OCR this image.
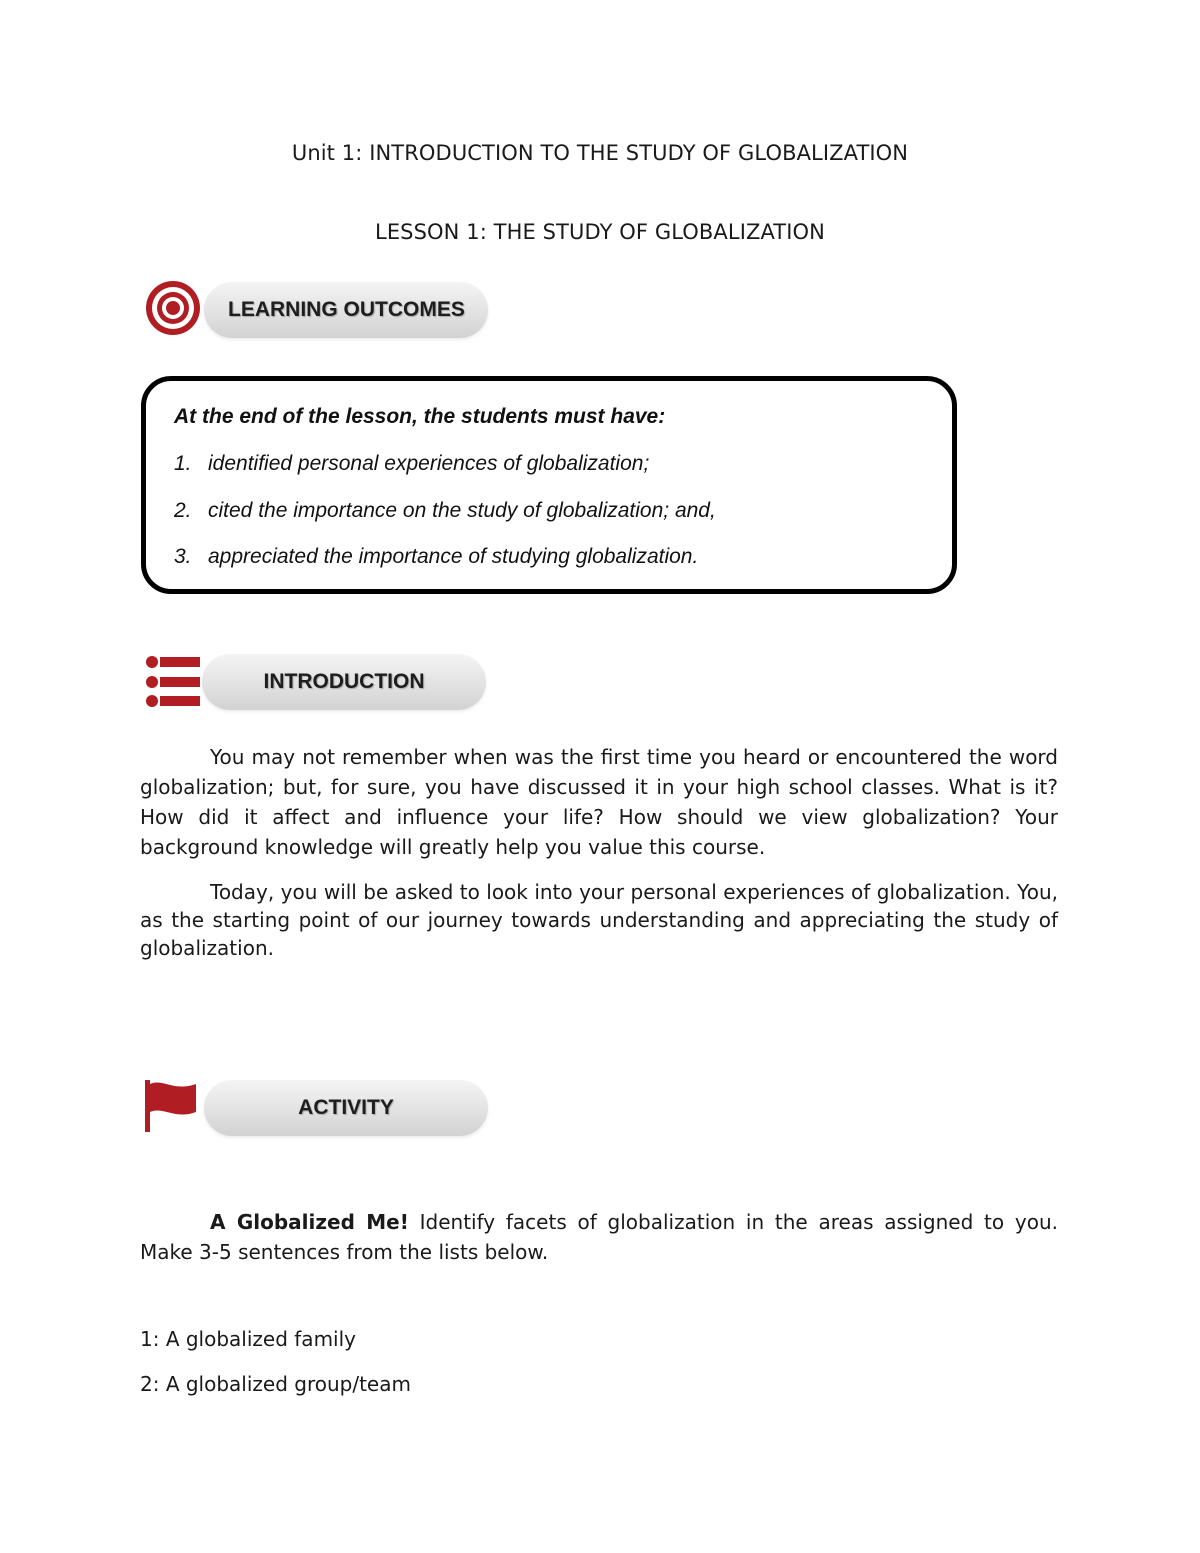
Unit 1: INTRODUCTION TO THE STUDY OF GLOBALIZATION
LESSON 1: THE STUDY OF GLOBALIZATION
LEARNING OUTCOMES
At the end of the lesson, the students must have:
1. identified personal experiences of globalization;
2. cited the importance on the study of globalization; and,
3. appreciated the importance of studying globalization.
INTRODUCTION
You may not remember when was the first time you heard or encountered the word globalization; but, for sure, you have discussed it in your high school classes. What is it? How did it affect and influence your life? How should we view globalization? Your background knowledge will greatly help you value this course.
Today, you will be asked to look into your personal experiences of globalization. You, as the starting point of our journey towards understanding and appreciating the study of globalization.
ACTIVITY
A Globalized Me! Identify facets of globalization in the areas assigned to you. Make 3-5 sentences from the lists below.
1: A globalized family
2: A globalized group/team
